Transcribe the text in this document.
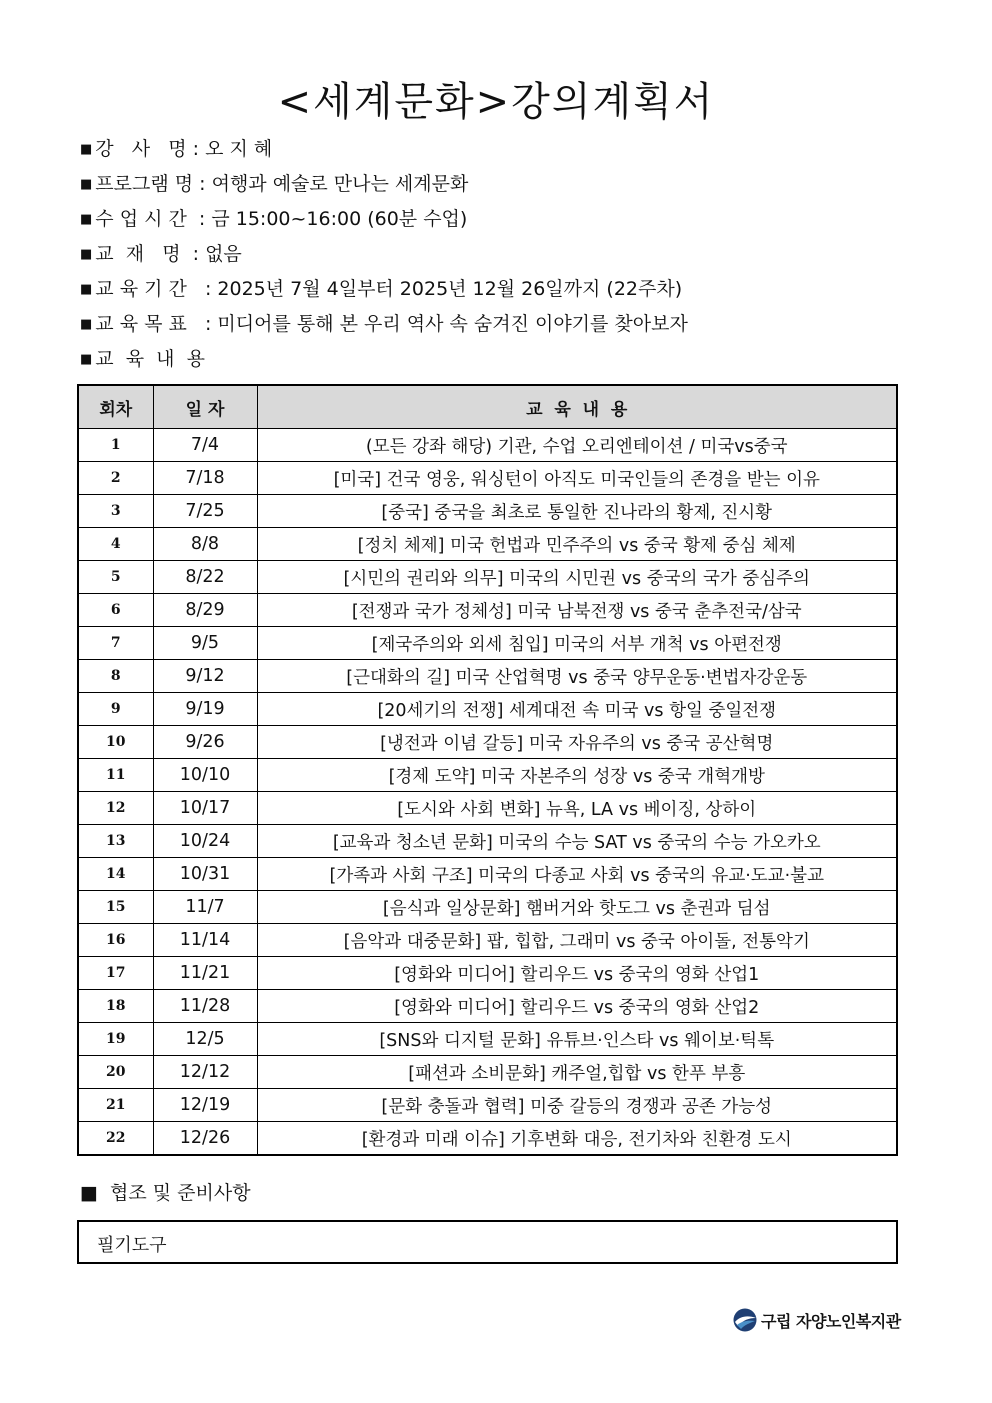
<세계문화>강의계획서
■ 강   사   명 : 오 지 혜
■ 프로그램 명 : 여행과 예술로 만나는 세계문화
■ 수 업 시 간  : 금 15:00~16:00 (60분 수업)
■ 교  재   명  : 없음
■ 교 육 기 간   : 2025년 7월 4일부터 2025년 12월 26일까지 (22주차)
■ 교 육 목 표   : 미디어를 통해 본 우리 역사 속 숨겨진 이야기를 찾아보자
■ 교  육  내  용
회차	일 자	교  육  내  용
1	7/4	(모든 강좌 해당) 기관, 수업 오리엔테이션 / 미국vs중국
2	7/18	[미국] 건국 영웅, 워싱턴이 아직도 미국인들의 존경을 받는 이유
3	7/25	[중국] 중국을 최초로 통일한 진나라의 황제, 진시황
4	8/8	[정치 체제] 미국 헌법과 민주주의 vs 중국 황제 중심 체제
5	8/22	[시민의 권리와 의무] 미국의 시민권 vs 중국의 국가 중심주의
6	8/29	[전쟁과 국가 정체성] 미국 남북전쟁 vs 중국 춘추전국/삼국
7	9/5	[제국주의와 외세 침입] 미국의 서부 개척 vs 아편전쟁
8	9/12	[근대화의 길] 미국 산업혁명 vs 중국 양무운동·변법자강운동
9	9/19	[20세기의 전쟁] 세계대전 속 미국 vs 항일 중일전쟁
10	9/26	[냉전과 이념 갈등] 미국 자유주의 vs 중국 공산혁명
11	10/10	[경제 도약] 미국 자본주의 성장 vs 중국 개혁개방
12	10/17	[도시와 사회 변화] 뉴욕, LA vs 베이징, 상하이
13	10/24	[교육과 청소년 문화] 미국의 수능 SAT vs 중국의 수능 가오카오
14	10/31	[가족과 사회 구조] 미국의 다종교 사회 vs 중국의 유교·도교·불교
15	11/7	[음식과 일상문화] 햄버거와 핫도그 vs 춘권과 딤섬
16	11/14	[음악과 대중문화] 팝, 힙합, 그래미 vs 중국 아이돌, 전통악기
17	11/21	[영화와 미디어] 할리우드 vs 중국의 영화 산업1
18	11/28	[영화와 미디어] 할리우드 vs 중국의 영화 산업2
19	12/5	[SNS와 디지털 문화] 유튜브·인스타 vs 웨이보·틱톡
20	12/12	[패션과 소비문화] 캐주얼,힙합 vs 한푸 부흥
21	12/19	[문화 충돌과 협력] 미중 갈등의 경쟁과 공존 가능성
22	12/26	[환경과 미래 이슈] 기후변화 대응, 전기차와 친환경 도시
■  협조 및 준비사항
필기도구
구립 자양노인복지관
